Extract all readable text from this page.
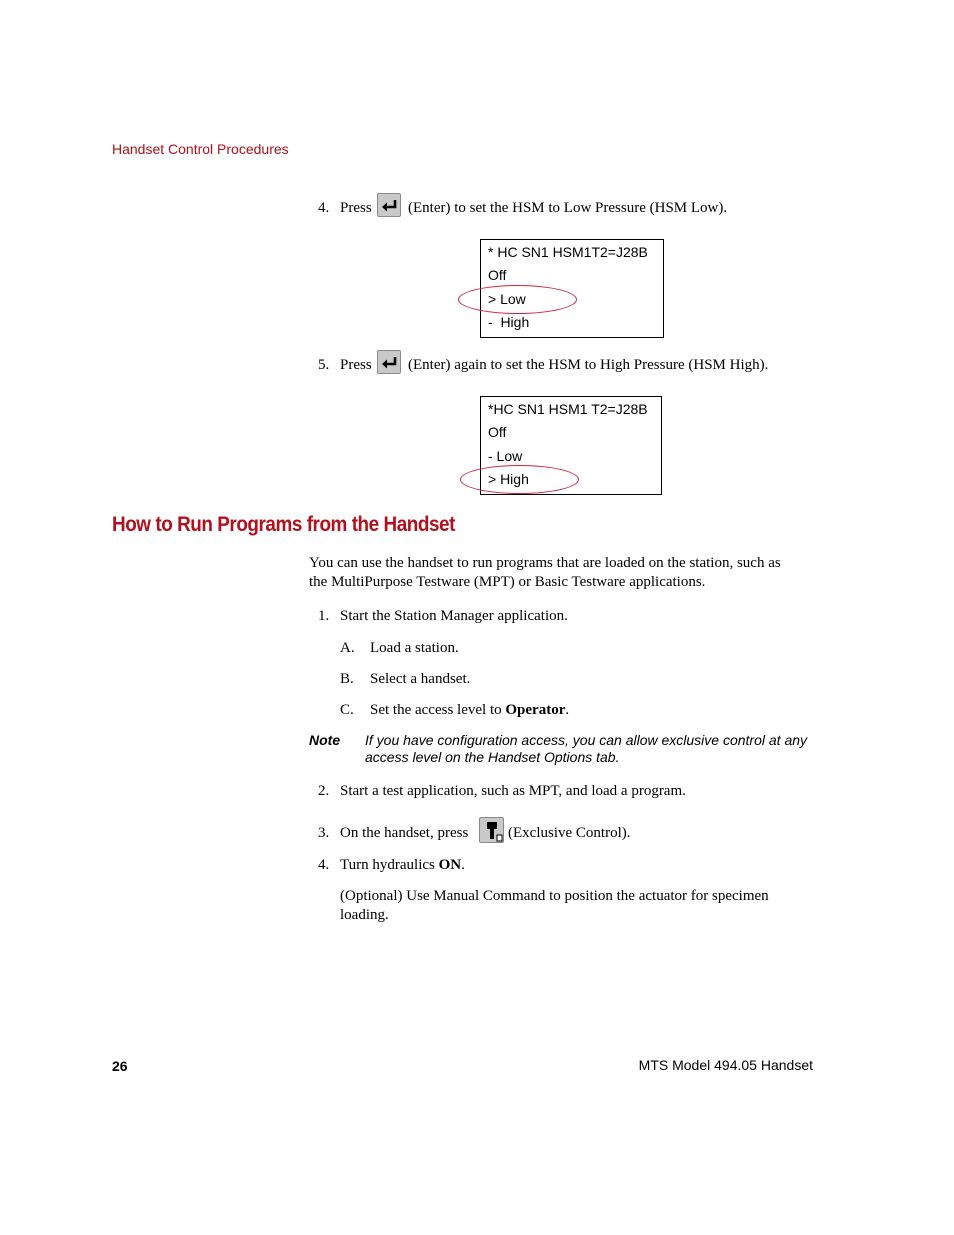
Handset Control Procedures
4. Press (Enter) to set the HSM to Low Pressure (HSM Low).
* HC SN1 HSM1T2=J28B
Off
> Low
-  High
5. Press (Enter) again to set the HSM to High Pressure (HSM High).
*HC SN1 HSM1 T2=J28B
Off
- Low
> High
How to Run Programs from the Handset
You can use the handset to run programs that are loaded on the station, such as
the MultiPurpose Testware (MPT) or Basic Testware applications.
1. Start the Station Manager application.
A. Load a station.
B. Select a handset.
C. Set the access level to Operator.
Note If you have configuration access, you can allow exclusive control at any
access level on the Handset Options tab.
2. Start a test application, such as MPT, and load a program.
3. On the handset, press	(Exclusive Control).
4. Turn hydraulics ON.
(Optional) Use Manual Command to position the actuator for specimen
loading.
26	MTS Model 494.05 Handset
